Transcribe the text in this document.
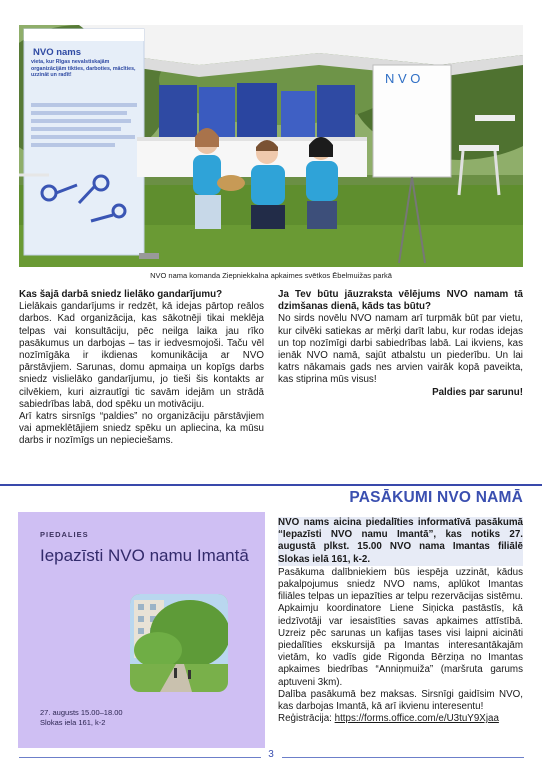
NVO nams
vieta, kur Rīgas nevalstiskajām organizācijām tikties, darboties, mācīties, uzzināt un radīt!	N V O
NVO nama komanda Ziepniekkalna apkaimes svētkos Ēbelmuižas parkā

Kas šajā darbā sniedz lielāko gandarījumu?

Lielākais gandarījums ir redzēt, kā idejas pārtop reālos darbos. Kad organizācija, kas sākotnēji tikai meklēja telpas vai konsultāciju, pēc neilga laika jau rīko pasākumus un darbojas – tas ir iedvesmojoši. Taču vēl nozīmīgāka ir ikdienas komunikācija ar NVO pārstāvjiem. Sarunas, domu apmaiņa un kopīgs darbs sniedz vislielāko gandarījumu, jo tieši šis kontakts ar cilvēkiem, kuri aizrautīgi tic savām idejām un strādā sabiedrības labā, dod spēku un motivāciju.

Arī katrs sirsnīgs “paldies” no organizāciju pārstāvjiem vai apmeklētājiem sniedz spēku un apliecina, ka mūsu darbs ir nozīmīgs un nepieciešams.

Ja Tev būtu jāuzraksta vēlējums NVO namam tā dzimšanas dienā, kāds tas būtu?

No sirds novēlu NVO namam arī turpmāk būt par vietu, kur cilvēki satiekas ar mērķi darīt labu, kur rodas idejas un top nozīmīgi darbi sabiedrības labā. Lai ikviens, kas ienāk NVO namā, sajūt atbalstu un piederību. Un lai katrs nākamais gads nes arvien vairāk kopā paveikta, kas stiprina mūs visus!

Paldies par sarunu!

PASĀKUMI NVO NAMĀ
PIEDALIES
Iepazīsti NVO namu Imantā
27. augusts 15.00–18.00
Slokas iela 161, k-2

NVO nams aicina piedalīties informatīvā pasākumā “Iepazīsti NVO namu Imantā”, kas notiks 27. augustā plkst. 15.00 NVO nama Imantas filiālē Slokas ielā 161, k-2.

Pasākuma dalībniekiem būs iespēja uzzināt, kādus pakalpojumus sniedz NVO nams, aplūkot Imantas filiāles telpas un iepazīties ar telpu rezervācijas sistēmu. Apkaimju koordinatore Liene Siņicka pastāstīs, kā iedzīvotāji var iesaistīties savas apkaimes attīstībā. Uzreiz pēc sarunas un kafijas tases visi laipni aicināti piedalīties ekskursijā pa Imantas interesantākajām vietām, ko vadīs gide Rigonda Bērziņa no Imantas apkaimes biedrības “Anniņmuiža” (maršruta garums aptuveni 3km).

Dalība pasākumā bez maksas. Sirsnīgi gaidīsim NVO, kas darbojas Imantā, kā arī ikvienu interesentu!

Reģistrācija: https://forms.office.com/e/U3tuY9Xjaa

3
